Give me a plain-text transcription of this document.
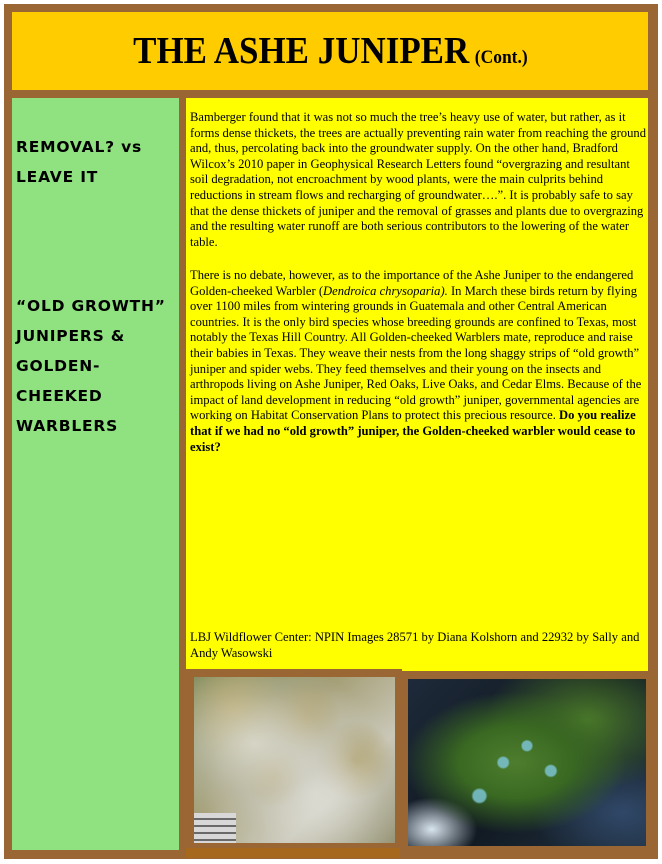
THE ASHE JUNIPER (Cont.)
REMOVAL? vs
LEAVE IT
“OLD GROWTH”
JUNIPERS &
GOLDEN-
CHEEKED
WARBLERS

Bamberger found that it was not so much the tree’s heavy use of water, but rather, as it forms dense thickets, the trees are actually preventing rain water from reaching the ground and, thus, percolating back into the groundwater supply. On the other hand, Bradford Wilcox’s 2010 paper in Geophysical Research Letters found “overgrazing and resultant soil degradation, not encroachment by wood plants, were the main culprits behind reductions in stream flows and recharging of groundwater….”. It is probably safe to say that the dense thickets of juniper and the removal of grasses and plants due to overgrazing and the resulting water runoff are both serious contributors to the lowering of the water table.

There is no debate, however, as to the importance of the Ashe Juniper to the endangered Golden-cheeked Warbler (Dendroica chrysoparia). In March these birds return by flying over 1100 miles from wintering grounds in Guatemala and other Central American countries. It is the only bird species whose breeding grounds are confined to Texas, most notably the Texas Hill Country. All Golden-cheeked Warblers mate, reproduce and raise their babies in Texas. They weave their nests from the long shaggy strips of “old growth” juniper and spider webs. They feed themselves and their young on the insects and arthropods living on Ashe Juniper, Red Oaks, Live Oaks, and Cedar Elms. Because of the impact of land development in reducing “old growth” juniper, governmental agencies are working on Habitat Conservation Plans to protect this precious resource. Do you realize that if we had no “old growth” juniper, the Golden-cheeked warbler would cease to exist?

LBJ Wildflower Center: NPIN Images 28571 by Diana Kolshorn and 22932 by Sally and Andy Wasowski
